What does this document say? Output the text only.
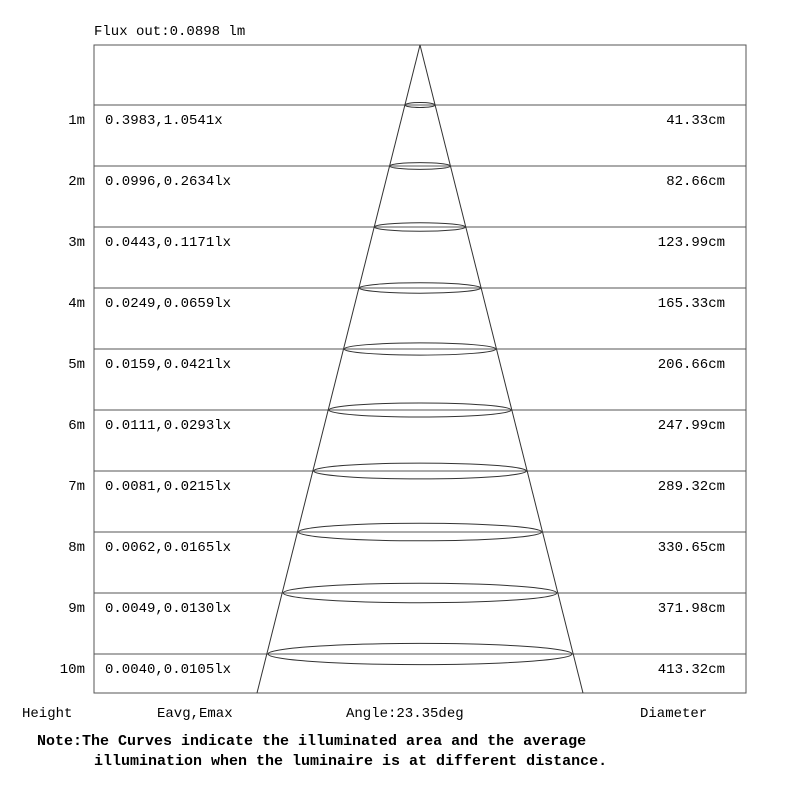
Flux out:0.0898 lm
1m 0.3983,1.0541x	41.33cm
2m 0.0996,0.2634lx	82.66cm
3m 0.0443,0.1171lx	123.99cm
4m 0.0249,0.0659lx	165.33cm
5m 0.0159,0.0421lx	206.66cm
6m 0.0111,0.0293lx	247.99cm
7m 0.0081,0.0215lx	289.32cm
8m 0.0062,0.0165lx	330.65cm
9m 0.0049,0.0130lx	371.98cm
10m 0.0040,0.0105lx	413.32cm
Height	Eavg,Emax	Angle:23.35deg	Diameter
Note:The Curves indicate the illuminated area and the average
illumination when the luminaire is at different distance.
